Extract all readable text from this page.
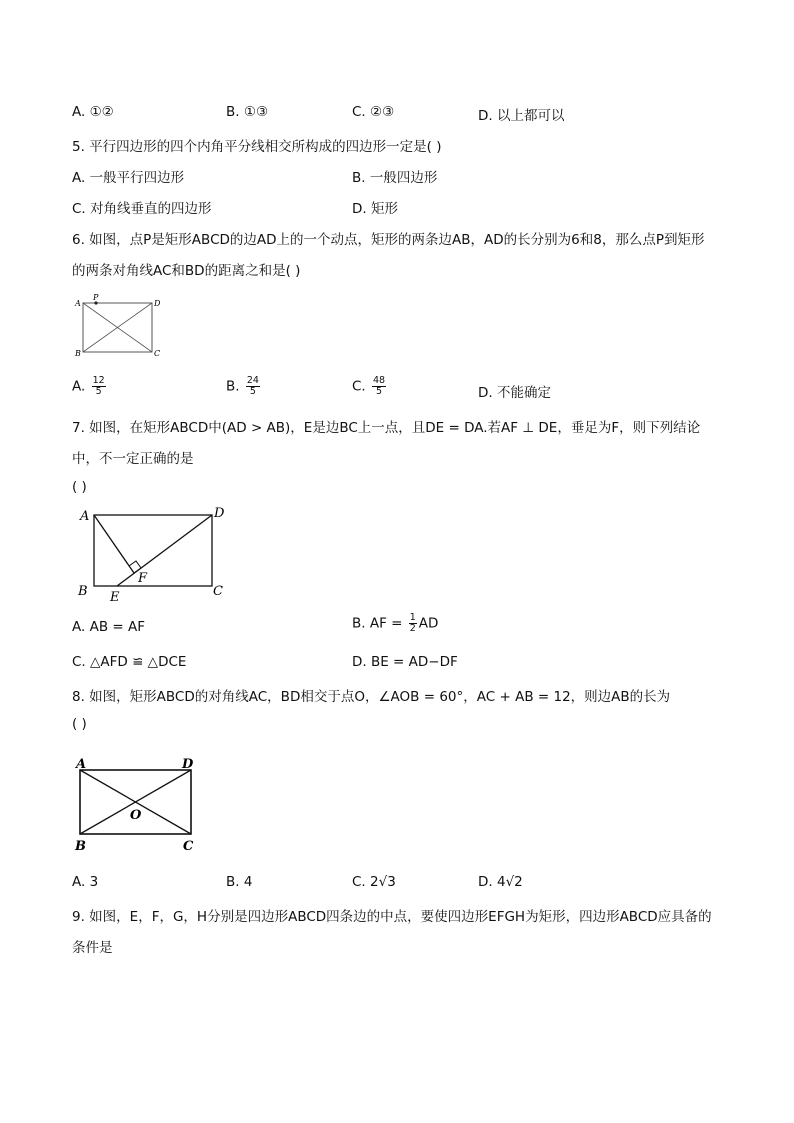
A. ①②	B. ①③	C. ②③	D. 以上都可以
5. 平行四边形的四个内角平分线相交所构成的四边形一定是( )
A. 一般平行四边形	B. 一般四边形
C. 对角线垂直的四边形	D. 矩形
6. 如图，点P是矩形ABCD的边AD上的一个动点，矩形的两条边AB，AD的长分别为6和8，那么点P到矩形
的两条对角线AC和BD的距离之和是( )
A
P
D
B	C
A. $\frac{12}{5}$	B. $\frac{24}{5}$	C. $\frac{48}{5}$	D. 不能确定
7. 如图，在矩形ABCD中(AD > AB)，E是边BC上一点，且DE = DA.若AF ⊥ DE，垂足为F，则下列结论
中，不一定正确的是
( )
A	D
F
B E	C
A. AB = AF	B. AF = $\frac{1}{2}$ AD
C. △AFD ≌ △DCE	D. BE = AD−DF
8. 如图，矩形ABCD的对角线AC，BD相交于点O，∠AOB = 60°，AC + AB = 12，则边AB的长为
( )
A	D
O
B	C
A. 3	B. 4	C. 2√3	D. 4√2
9. 如图，E，F，G，H分别是四边形ABCD四条边的中点，要使四边形EFGH为矩形，四边形ABCD应具备的
条件是
